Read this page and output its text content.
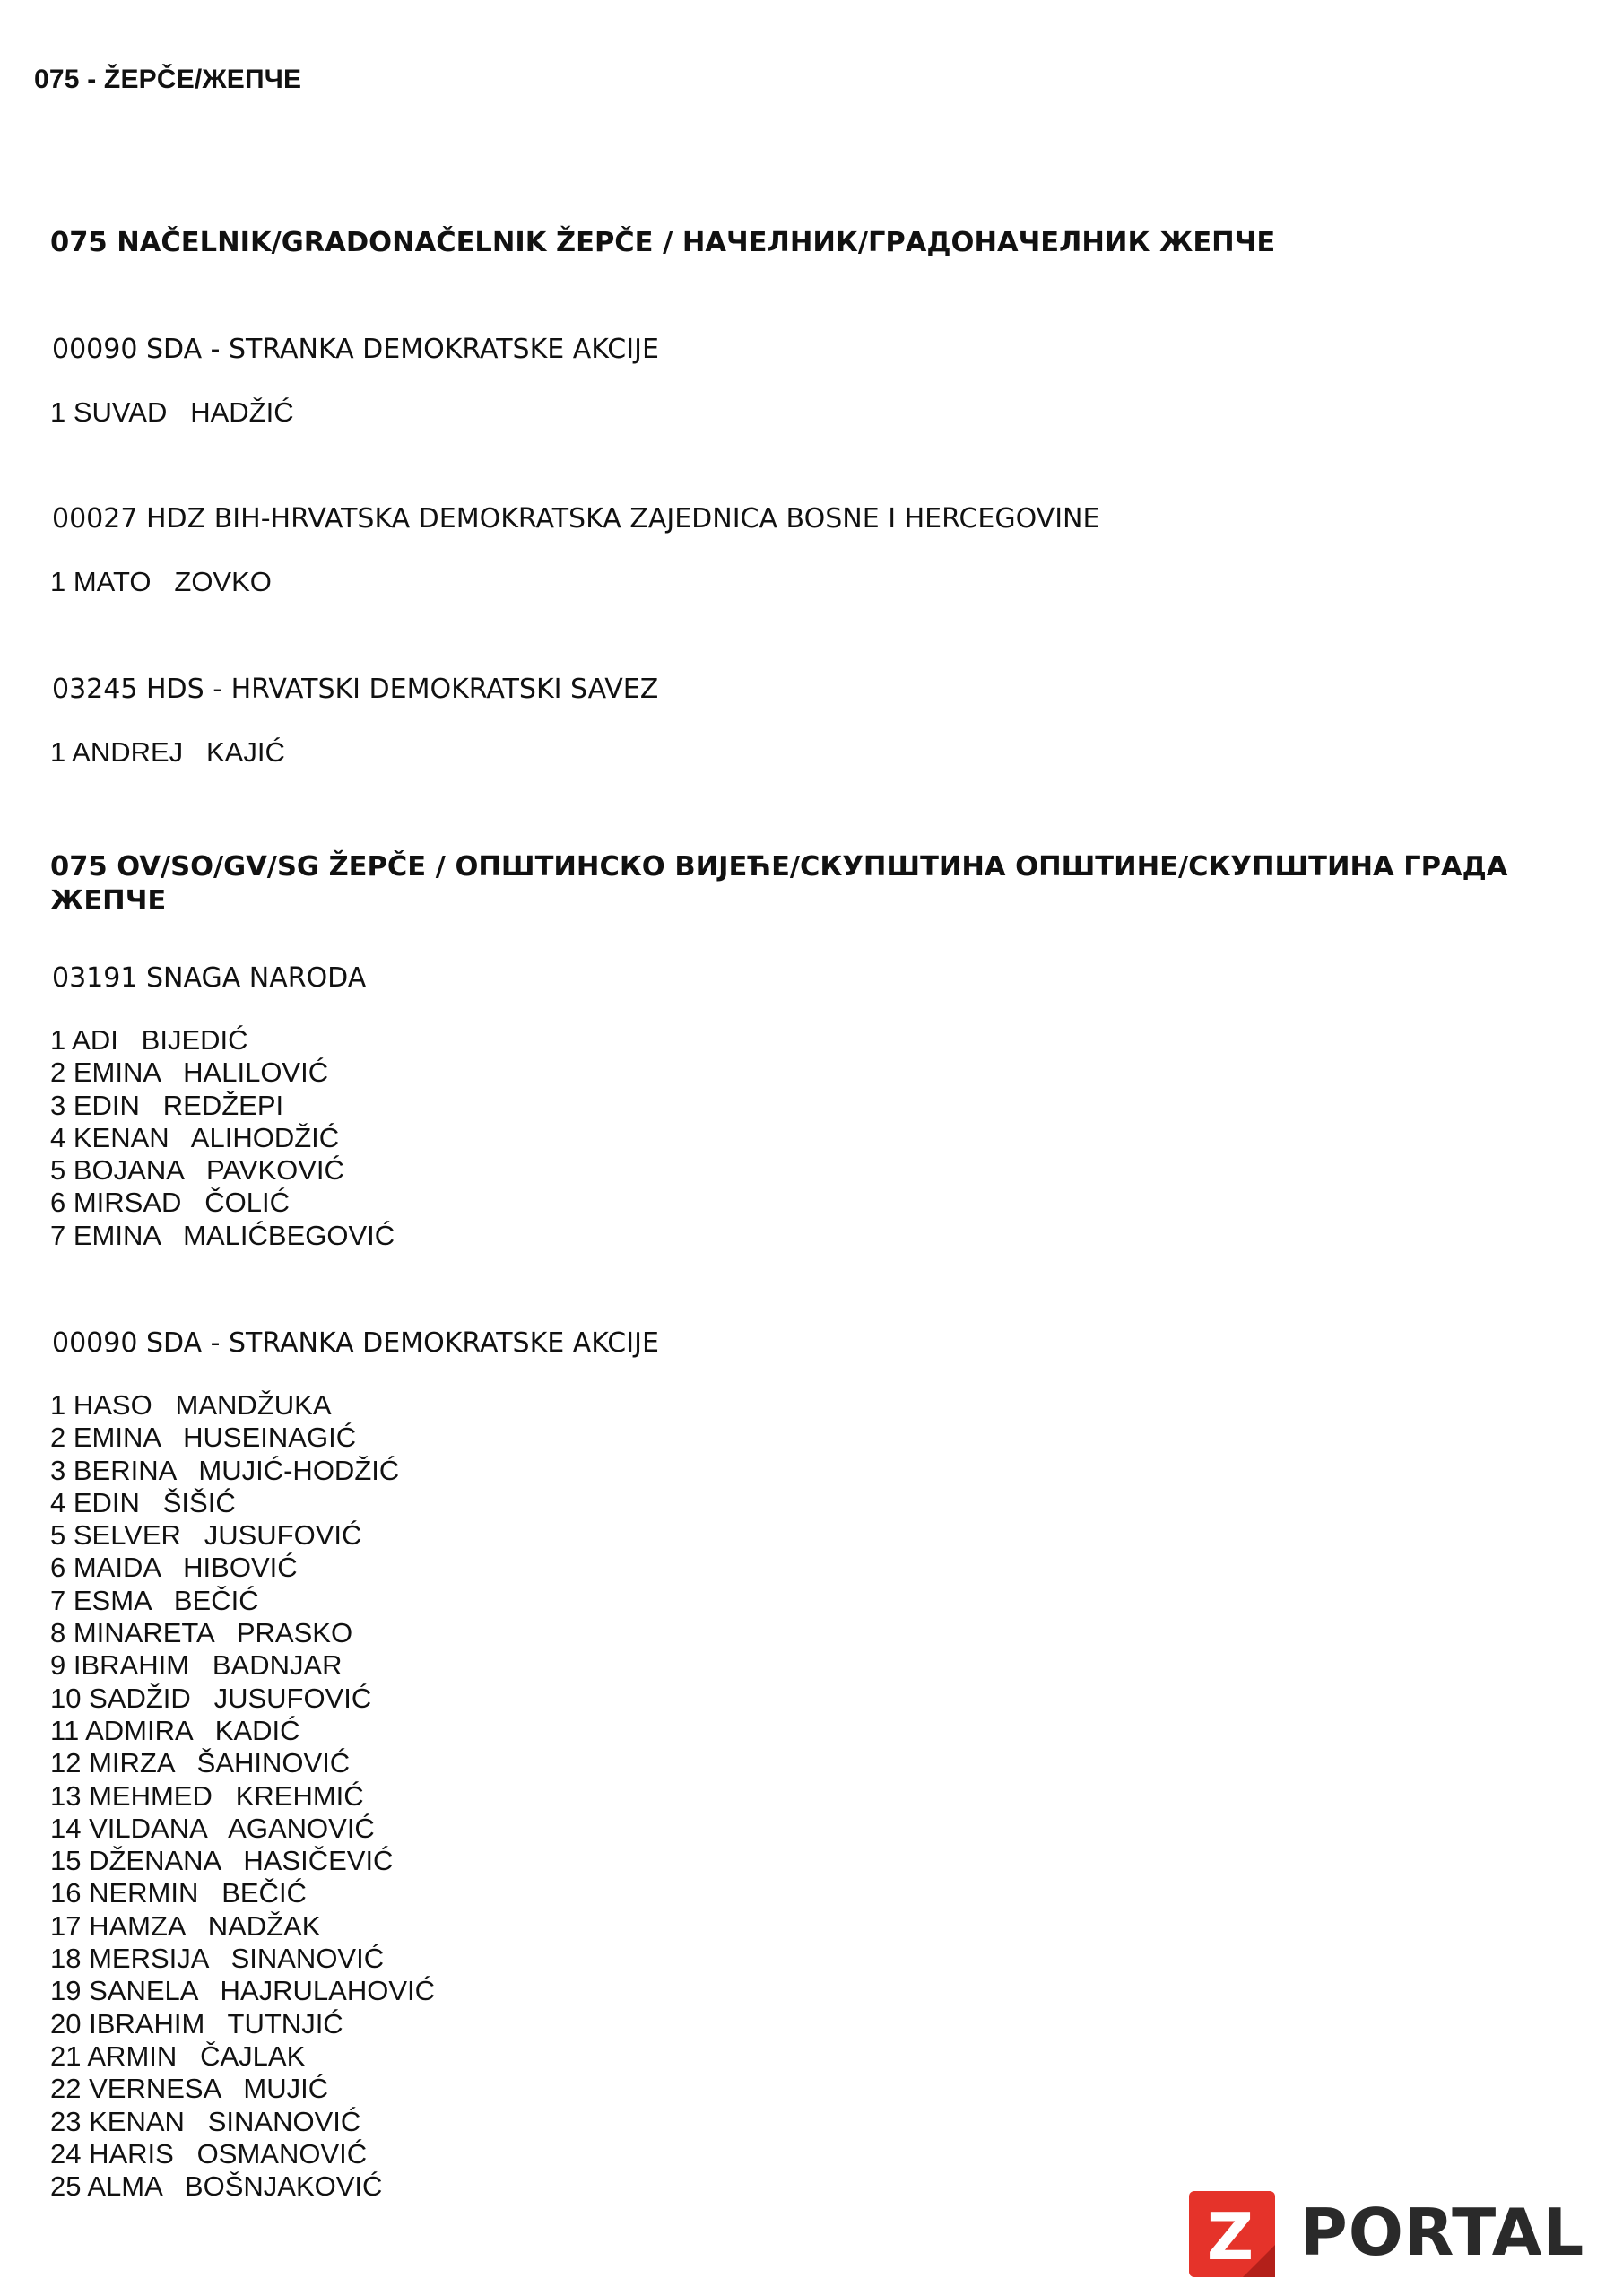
075 - ŽEPČE/ЖЕПЧЕ
075 NAČELNIK/GRADONAČELNIK ŽEPČE / НАЧЕЛНИК/ГРАДОНАЧЕЛНИК ЖЕПЧЕ
00090 SDA - STRANKA DEMOKRATSKE AKCIJE
1 SUVAD   HADŽIĆ
00027 HDZ BIH-HRVATSKA DEMOKRATSKA ZAJEDNICA BOSNE I HERCEGOVINE
1 MATO   ZOVKO
03245 HDS - HRVATSKI DEMOKRATSKI SAVEZ
1 ANDREJ   KAJIĆ
075 OV/SO/GV/SG ŽEPČE / ОПШТИНСКО ВИЈЕЋЕ/СКУПШТИНА ОПШТИНЕ/СКУПШТИНА ГРАДА ЖЕПЧЕ
03191 SNAGA NARODA
1 ADI   BIJEDIĆ
2 EMINA   HALILOVIĆ
3 EDIN   REDŽEPI
4 KENAN   ALIHODŽIĆ
5 BOJANA   PAVKOVIĆ
6 MIRSAD   ČOLIĆ
7 EMINA   MALIĆBEGOVIĆ
00090 SDA - STRANKA DEMOKRATSKE AKCIJE
1 HASO   MANDŽUKA
2 EMINA   HUSEINAGIĆ
3 BERINA   MUJIĆ-HODŽIĆ
4 EDIN   ŠIŠIĆ
5 SELVER   JUSUFOVIĆ
6 MAIDA   HIBOVIĆ
7 ESMA   BEČIĆ
8 MINARETA   PRASKO
9 IBRAHIM   BADNJAR
10 SADŽID   JUSUFOVIĆ
11 ADMIRA   KADIĆ
12 MIRZA   ŠAHINOVIĆ
13 MEHMED   KREHMIĆ
14 VILDANA   AGANOVIĆ
15 DŽENANA   HASIČEVIĆ
16 NERMIN   BEČIĆ
17 HAMZA   NADŽAK
18 MERSIJA   SINANOVIĆ
19 SANELA   HAJRULAHOVIĆ
20 IBRAHIM   TUTNJIĆ
21 ARMIN   ČAJLAK
22 VERNESA   MUJIĆ
23 KENAN   SINANOVIĆ
24 HARIS   OSMANOVIĆ
25 ALMA   BOŠNJAKOVIĆ
Z PORTAL
